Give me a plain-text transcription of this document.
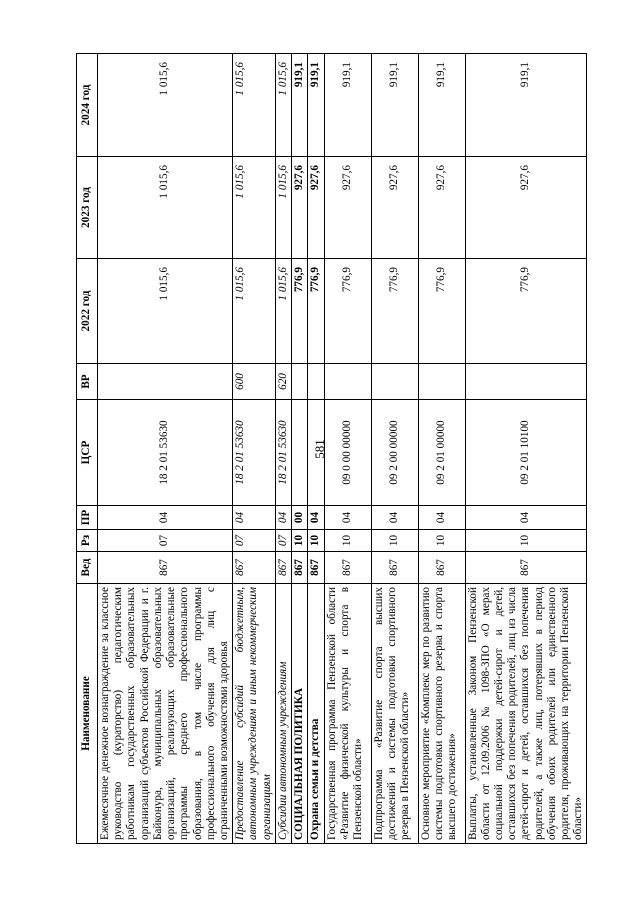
581
Наименование	Вед	Рз	ПР	ЦСР	ВР	2022 год	2023 год	2024 год
Ежемесячное денежное вознаграждение за классное руководство (кураторство) педагогическим работникам государственных образовательных организаций субъектов Российской Федерации и г. Байконура, муниципальных образовательных организаций, реализующих образовательные программы среднего профессионального образования, в том числе программы профессионального обучения для лиц с ограниченными возможностями здоровья	867	07	04	18 2 01 53630		1 015,6	1 015,6	1 015,6
Предоставление субсидий бюджетным, автономным учреждениям и иным некоммерческим организациям	867	07	04	18 2 01 53630	600	1 015,6	1 015,6	1 015,6
Субсидии автономным учреждениям	867	07	04	18 2 01 53630	620	1 015,6	1 015,6	1 015,6
СОЦИАЛЬНАЯ ПОЛИТИКА	867	10	00			776,9	927,6	919,1
Охрана семьи и детства	867	10	04			776,9	927,6	919,1
Государственная программа Пензенской области «Развитие физической культуры и спорта в Пензенской области»	867	10	04	09 0 00 00000		776,9	927,6	919,1
Подпрограмма «Развитие спорта высших достижений и системы подготовки спортивного резерва в Пензенской области»	867	10	04	09 2 00 00000		776,9	927,6	919,1
Основное мероприятие «Комплекс мер по развитию системы подготовки спортивного резерва и спорта высшего достижения»	867	10	04	09 2 01 00000		776,9	927,6	919,1
Выплаты, установленные Законом Пензенской области от 12.09.2006 № 1098-ЗПО «О мерах социальной поддержки детей-сирот и детей, оставшихся без попечения родителей, лиц из числа детей-сирот и детей, оставшихся без попечения родителей, а также лиц, потерявших в период обучения обоих родителей или единственного родителя, проживающих на территории Пензенской области»	867	10	04	09 2 01 10100		776,9	927,6	919,1
